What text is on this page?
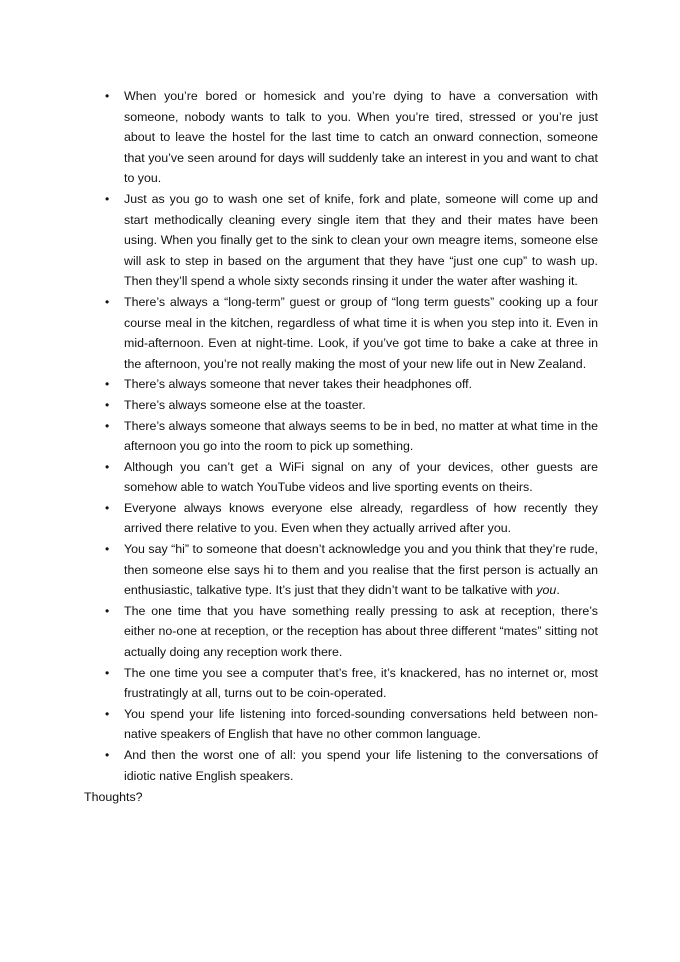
• When you’re bored or homesick and you’re dying to have a conversation with someone, nobody wants to talk to you. When you’re tired, stressed or you’re just about to leave the hostel for the last time to catch an onward connection, someone that you’ve seen around for days will suddenly take an interest in you and want to chat to you.
• Just as you go to wash one set of knife, fork and plate, someone will come up and start methodically cleaning every single item that they and their mates have been using. When you finally get to the sink to clean your own meagre items, someone else will ask to step in based on the argument that they have “just one cup” to wash up. Then they’ll spend a whole sixty seconds rinsing it under the water after washing it.
• There’s always a “long-term” guest or group of “long term guests” cooking up a four course meal in the kitchen, regardless of what time it is when you step into it. Even in mid-afternoon. Even at night-time. Look, if you’ve got time to bake a cake at three in the afternoon, you’re not really making the most of your new life out in New Zealand.
• There’s always someone that never takes their headphones off.
• There’s always someone else at the toaster.
• There’s always someone that always seems to be in bed, no matter at what time in the afternoon you go into the room to pick up something.
• Although you can’t get a WiFi signal on any of your devices, other guests are somehow able to watch YouTube videos and live sporting events on theirs.
• Everyone always knows everyone else already, regardless of how recently they arrived there relative to you. Even when they actually arrived after you.
• You say “hi” to someone that doesn’t acknowledge you and you think that they’re rude, then someone else says hi to them and you realise that the first person is actually an enthusiastic, talkative type. It’s just that they didn’t want to be talkative with you.
• The one time that you have something really pressing to ask at reception, there’s either no-one at reception, or the reception has about three different “mates” sitting not actually doing any reception work there.
• The one time you see a computer that’s free, it’s knackered, has no internet or, most frustratingly at all, turns out to be coin-operated.
• You spend your life listening into forced-sounding conversations held between non-native speakers of English that have no other common language.
• And then the worst one of all: you spend your life listening to the conversations of idiotic native English speakers.

Thoughts?
